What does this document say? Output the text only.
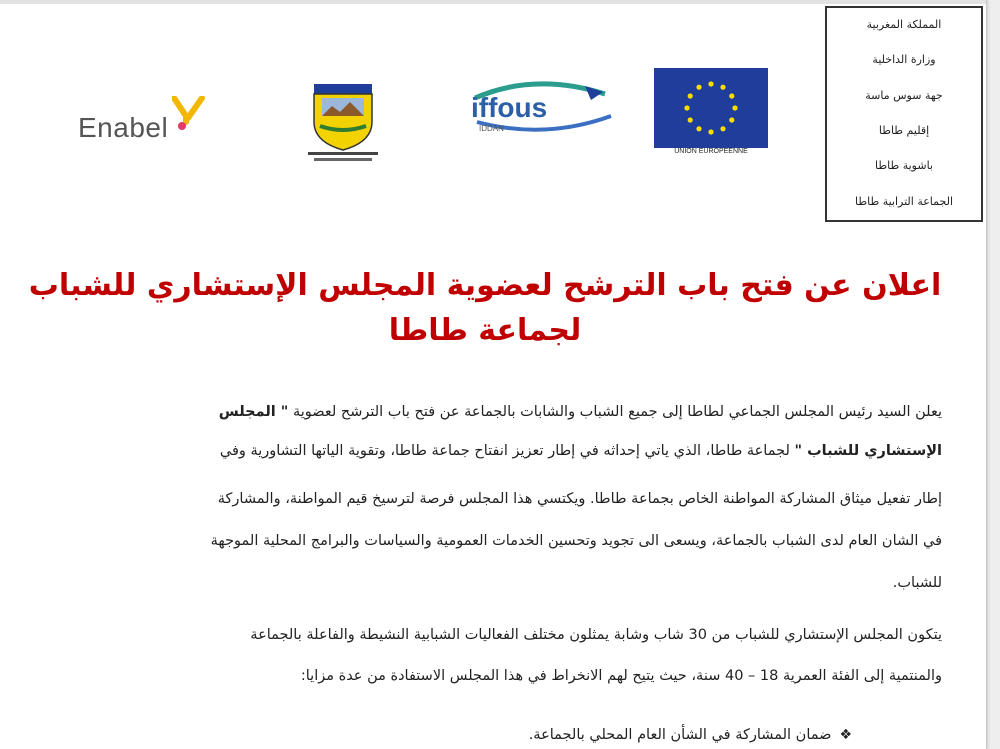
المملكة المغربية
وزارة الداخلية
جهة سوس ماسة
إقليم طاطا
باشوية طاطا
الجماعة الترابية طاطا
Enabel
iffous
IDDAN
UNION EUROPEENNE
اعلان عن فتح باب الترشح لعضوية المجلس الإستشاري للشباب
لجماعة طاطا
يعلن السيد رئيس المجلس الجماعي لطاطا إلى جميع الشباب والشابات بالجماعة عن فتح باب الترشح لعضوية " المجلس
الإستشاري للشباب " لجماعة طاطا، الذي يأتي إحداثه في إطار تعزيز انفتاح جماعة طاطا، وتقوية آلياتها التشاورية وفي
إطار تفعيل ميثاق المشاركة المواطنة الخاص بجماعة طاطا. ويكتسي هذا المجلس فرصة لترسيخ قيم المواطنة، والمشاركة
في الشأن العام لدى الشباب بالجماعة، ويسعى الى تجويد وتحسين الخدمات العمومية والسياسات والبرامج المحلية الموجهة
للشباب.
يتكون المجلس الإستشاري للشباب من 30 شاب وشابة يمثلون مختلف الفعاليات الشبابية النشيطة والفاعلة بالجماعة
والمنتمية إلى الفئة العمرية 18 – 40 سنة، حيث يتيح لهم الانخراط في هذا المجلس الاستفادة من عدة مزايا:
❖ضمان المشاركة في الشأن العام المحلي بالجماعة.
